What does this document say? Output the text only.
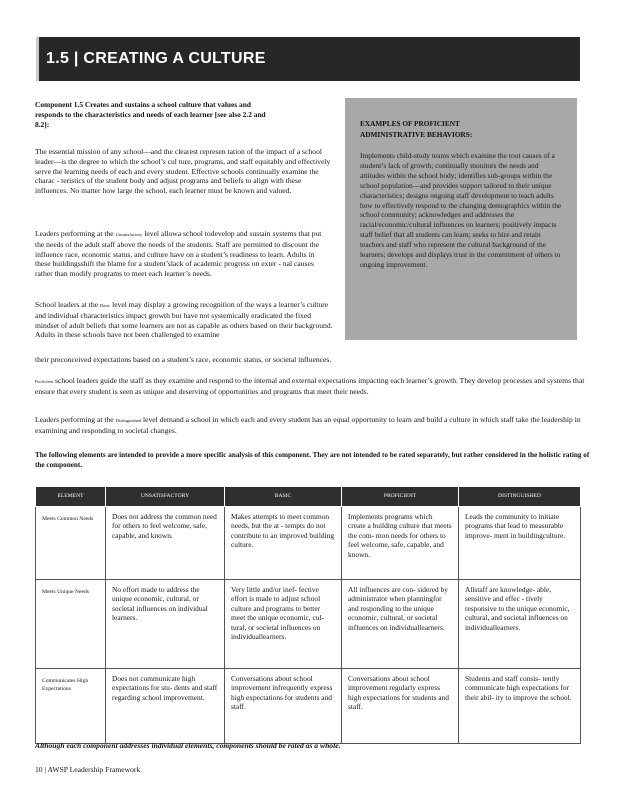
1.5 | CREATING A CULTURE
Component 1.5 Creates and sustains a school culture that values and responds to the characteristics and needs of each learner [see also 2.2 and 8.2]:
The essential mission of any school—and the clearest represen tation of the impact of a school leader—is the degree to which the school’s cul ture, programs, and staff equitably and effectively serve the learning needs of each and every student. Effective schools continually examine the charac - teristics of the student body and adjust programs and beliefs to align with these influences. No matter how large the school, each learner must be known and valued.
Leaders performing at the Unsatisfactory level allowa school todevelop and sustain systems that put the needs of the adult staff above the needs of the students. Staff are permitted to discount the influence race, economic status, and culture have on a student’s readiness to learn. Adults in these buildingsshift the blame for a student’slack of academic progress on exter - nal causes rather than modify programs to meet each learner’s needs.
School leaders at the Basic level may display a growing recognition of the ways a learner’s culture and individual characteristics impact growth but have not systemically eradicated the fixed mindset of adult beliefs that some learners are not as capable as others based on their background. Adults in these schools have not been challenged to examine
their preconceived expectations based on a student’s race, economic status, or societal influences.
Proficient school leaders guide the staff as they examine and respond to the internal and external expectations impacting each learner’s growth. They develop processes and systems that ensure that every student is seen as unique and deserving of opportunities and programs that meet their needs.
Leaders performing at the Distinguished level demand a school in which each and every student has an equal opportunity to learn and build a culture in which staff take the leadership in examining and responding to societal changes.
EXAMPLES OF PROFICIENT
ADMINISTRATIVE BEHAVIORS:
Implements child-study teams which examine the root causes of a student’s lack of growth; continually monitors the needs and attitudes within the school body; identifies sub-groups within the school population—and provides support tailored to their unique characteristics; designs ongoing staff development to teach adults how to effectively respond to the changing demographics within the school community; acknowledges and addresses the racial/economic/cultural influences on learners; positively impacts staff belief that all students can learn; seeks to hire and retain teachers and staff who represent the cultural background of the learners; develops and displays trust in the commitment of others to ongoing improvement.
The following elements are intended to provide a more specific analysis of this component. They are not intended to be rated separately, but rather considered in the holistic rating of the component.
ELEMENT	UNSATISFACTORY	BASIC	PROFICIENT	DISTINGUISHED
Meets Common Needs	Does not address the common need for others to feel welcome, safe, capable, and known.	Makes attempts to meet common needs, but the at - tempts do not contribute to an improved building culture.	Implements programs which create a building culture that meets the com- mon needs for others to feel welcome, safe, capable, and known.	Leads the community to initiate programs that lead to measurable improve- ment in buildingculture.
Meets Unique Needs	No effort made to address the unique economic, cultural, or societal influences on individual learners.	Very little and/or inef- fective effort is made to adjust school culture and programs to better meet the unique economic, cul- tural, or societal influences on individuallearners.	All influences are con- sidered by administrator when planningfor and responding to the unique economic, cultural, or societal influences on individuallearners.	Allstaff are knowledge- able, sensitive and effec - tively responsive to the unique economic, cultural, and societal influences on individuallearners.
Communicates High Expectations	Does not communicate high expectations for stu- dents and staff regarding school improvement.	Conversations about school improvement infrequently express high expectations for students and staff.	Conversations about school improvement regularly express high expectations for students and staff.	Students and staff consis- tently communicate high expectations for their abil- ity to improve the school.
Although each component addresses individual elements, components should be rated as a whole.
10 | AWSP Leadership Framework
